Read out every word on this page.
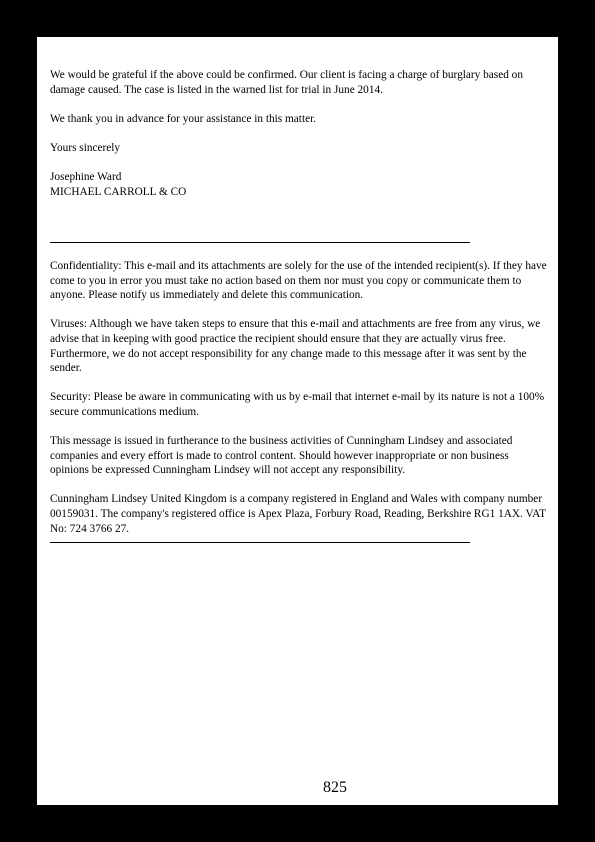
We would be grateful if the above could be confirmed. Our client is facing a charge of burglary based on damage caused. The case is listed in the warned list for trial in June 2014.

We thank you in advance for your assistance in this matter.

Yours sincerely

Josephine Ward
MICHAEL CARROLL & CO

Confidentiality: This e-mail and its attachments are solely for the use of the intended recipient(s). If they have come to you in error you must take no action based on them nor must you copy or communicate them to anyone. Please notify us immediately and delete this communication.

Viruses: Although we have taken steps to ensure that this e-mail and attachments are free from any virus, we advise that in keeping with good practice the recipient should ensure that they are actually virus free. Furthermore, we do not accept responsibility for any change made to this message after it was sent by the sender.

Security: Please be aware in communicating with us by e-mail that internet e-mail by its nature is not a 100% secure communications medium.

This message is issued in furtherance to the business activities of Cunningham Lindsey and associated companies and every effort is made to control content. Should however inappropriate or non business opinions be expressed Cunningham Lindsey will not accept any responsibility.

Cunningham Lindsey United Kingdom is a company registered in England and Wales with company number 00159031. The company's registered office is Apex Plaza, Forbury Road, Reading, Berkshire RG1 1AX. VAT No: 724 3766 27.

825
